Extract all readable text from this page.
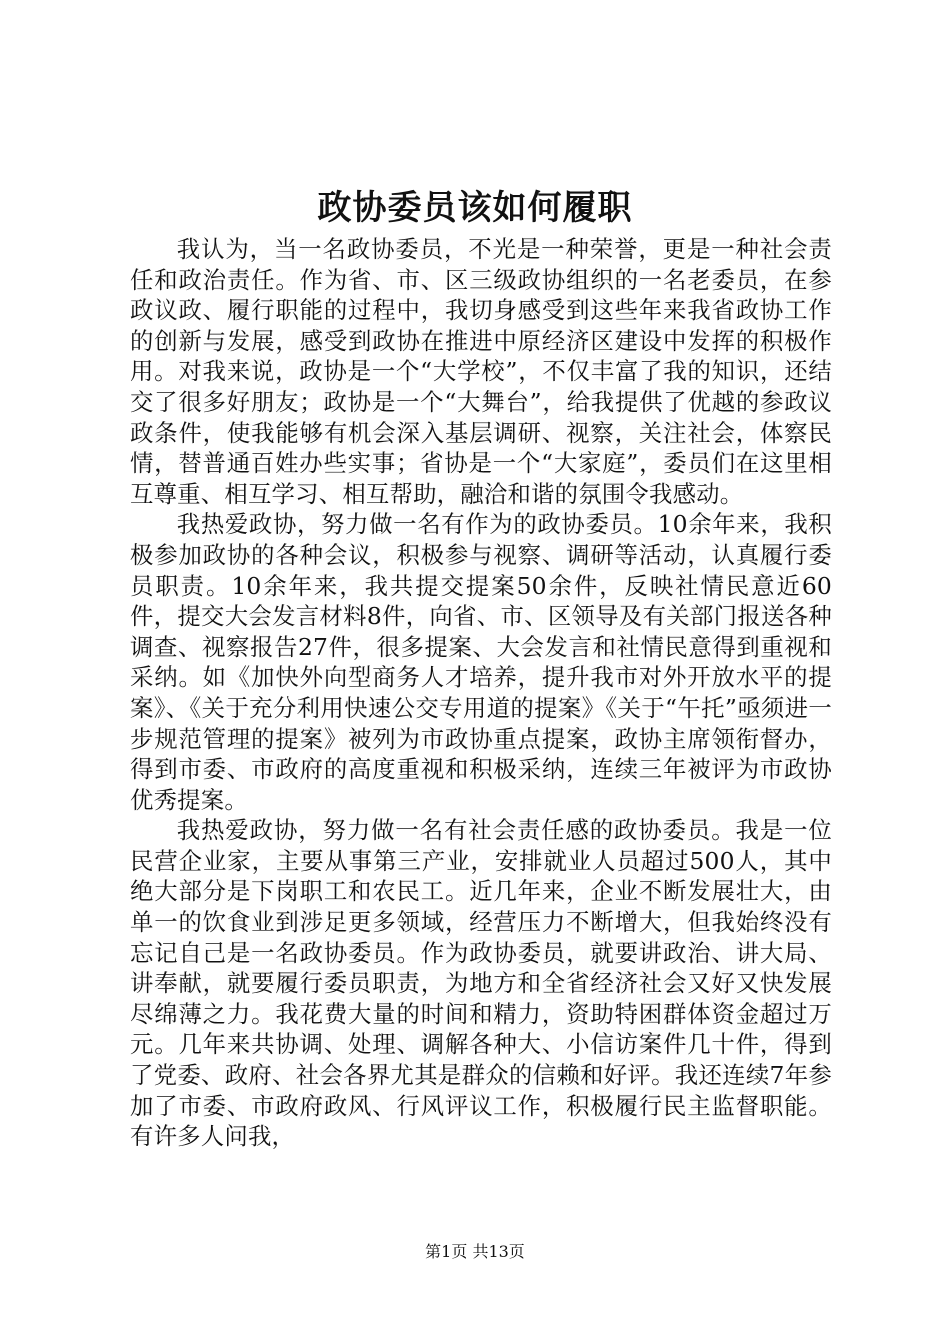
政协委员该如何履职

我认为，当一名政协委员，不光是一种荣誉，更是一种社会责任和政治责任。作为省、市、区三级政协组织的一名老委员，在参政议政、履行职能的过程中，我切身感受到这些年来我省政协工作的创新与发展，感受到政协在推进中原经济区建设中发挥的积极作用。对我来说，政协是一个“大学校”，不仅丰富了我的知识，还结交了很多好朋友；政协是一个“大舞台”，给我提供了优越的参政议政条件，使我能够有机会深入基层调研、视察，关注社会，体察民情，替普通百姓办些实事；省协是一个“大家庭”，委员们在这里相互尊重、相互学习、相互帮助，融洽和谐的氛围令我感动。

我热爱政协，努力做一名有作为的政协委员。10余年来，我积极参加政协的各种会议，积极参与视察、调研等活动，认真履行委员职责。10余年来，我共提交提案50余件，反映社情民意近60件，提交大会发言材料8件，向省、市、区领导及有关部门报送各种调查、视察报告27件，很多提案、大会发言和社情民意得到重视和采纳。如《加快外向型商务人才培养，提升我市对外开放水平的提案》、《关于充分利用快速公交专用道的提案》《关于“午托”亟须进一步规范管理的提案》被列为市政协重点提案，政协主席领衔督办，得到市委、市政府的高度重视和积极采纳，连续三年被评为市政协优秀提案。

我热爱政协，努力做一名有社会责任感的政协委员。我是一位民营企业家，主要从事第三产业，安排就业人员超过500人，其中绝大部分是下岗职工和农民工。近几年来，企业不断发展壮大，由单一的饮食业到涉足更多领域，经营压力不断增大，但我始终没有忘记自己是一名政协委员。作为政协委员，就要讲政治、讲大局、讲奉献，就要履行委员职责，为地方和全省经济社会又好又快发展尽绵薄之力。我花费大量的时间和精力，资助特困群体资金超过万元。几年来共协调、处理、调解各种大、小信访案件几十件，得到了党委、政府、社会各界尤其是群众的信赖和好评。我还连续7年参加了市委、市政府政风、行风评议工作，积极履行民主监督职能。有许多人问我，

第1页 共13页
